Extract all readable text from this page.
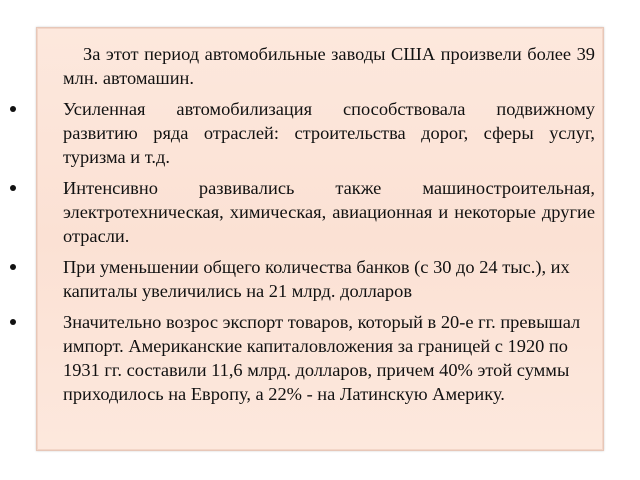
За этот период автомобильные заводы США произвели более 39 млн. автомашин.

Усиленная автомобилизация способствовала подвижному развитию ряда отраслей: строительства дорог, сферы услуг, туризма и т.д.
Интенсивно развивались также машиностроительная, электротехническая, химическая, авиационная и некоторые другие отрасли.
При уменьшении общего количества банков (с 30 до 24 тыс.), их капиталы увеличились на 21 млрд. долларов
Значительно возрос экспорт товаров, который в 20-е гг. превышал импорт. Американские капиталовложения за границей с 1920 по 1931 гг. составили 11,6 млрд. долларов, причем 40% этой суммы приходилось на Европу, а 22% - на Латинскую Америку.
